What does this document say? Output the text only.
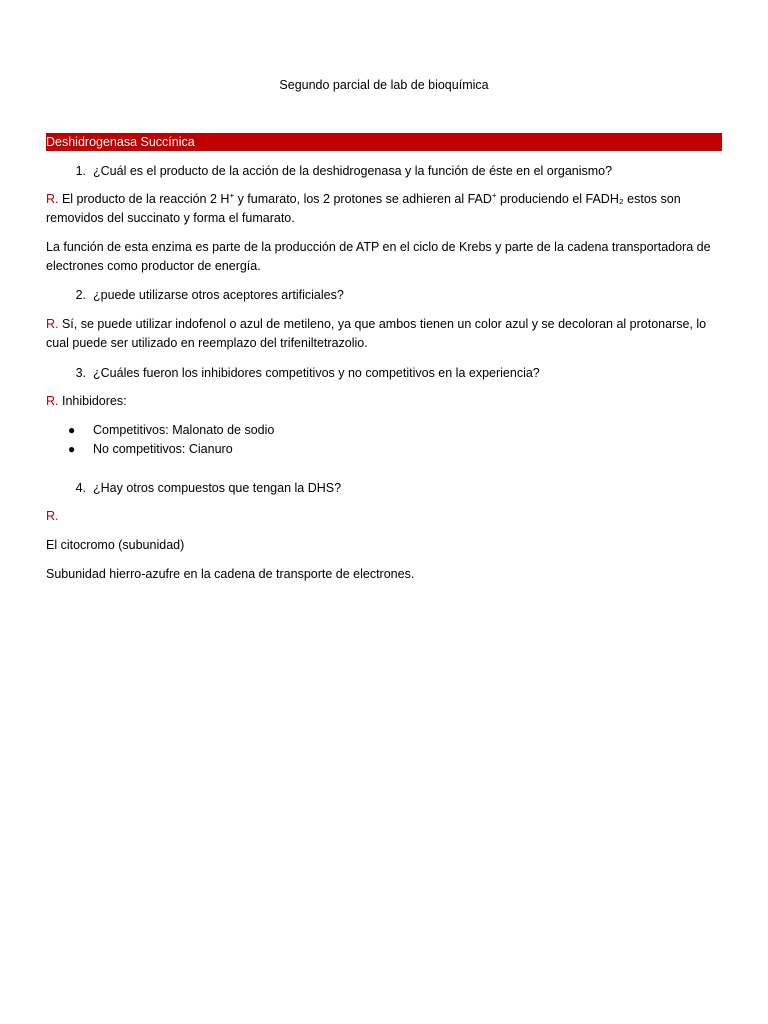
Segundo parcial de lab de bioquímica
Deshidrogenasa Succínica
1. ¿Cuál es el producto de la acción de la deshidrogenasa y la función de éste en el organismo?
R. El producto de la reacción 2 H+ y fumarato, los 2 protones se adhieren al FAD+ produciendo el FADH₂ estos son removidos del succinato y forma el fumarato.
La función de esta enzima es parte de la producción de ATP en el ciclo de Krebs y parte de la cadena transportadora de electrones como productor de energía.
2. ¿puede utilizarse otros aceptores artificiales?
R. Sí, se puede utilizar indofenol o azul de metileno, ya que ambos tienen un color azul y se decoloran al protonarse, lo cual puede ser utilizado en reemplazo del trifeniltetrazolio.
3. ¿Cuáles fueron los inhibidores competitivos y no competitivos en la experiencia?
R. Inhibidores:
● Competitivos: Malonato de sodio
● No competitivos: Cianuro
4. ¿Hay otros compuestos que tengan la DHS?
R.
El citocromo (subunidad)
Subunidad hierro-azufre en la cadena de transporte de electrones.
